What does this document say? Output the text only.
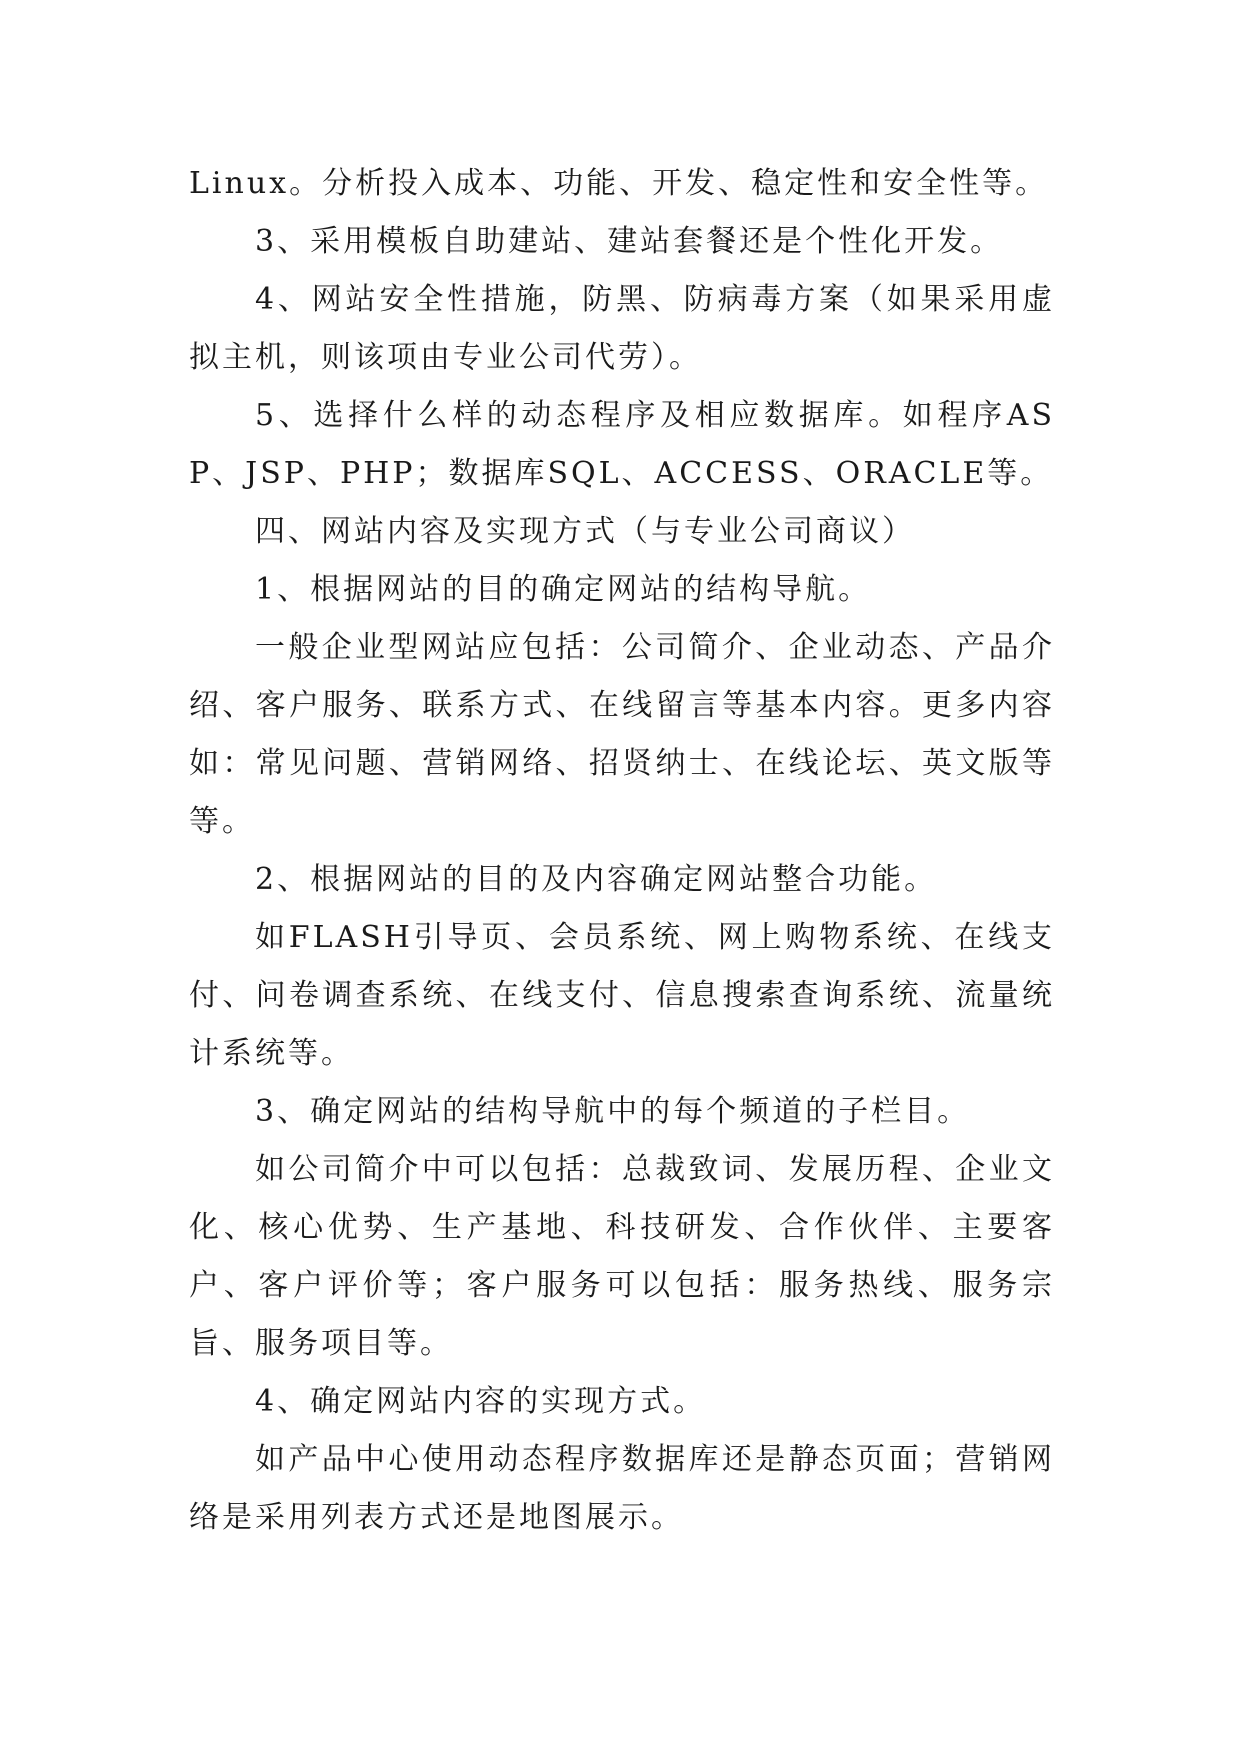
Linux。分析投入成本、功能、开发、稳定性和安全性等。

3、采用模板自助建站、建站套餐还是个性化开发。

4、网站安全性措施，防黑、防病毒方案（如果采用虚拟主机，则该项由专业公司代劳）。

5、选择什么样的动态程序及相应数据库。如程序ASP、JSP、PHP；数据库SQL、ACCESS、ORACLE等。

四、网站内容及实现方式（与专业公司商议）

1、根据网站的目的确定网站的结构导航。

一般企业型网站应包括：公司简介、企业动态、产品介绍、客户服务、联系方式、在线留言等基本内容。更多内容如：常见问题、营销网络、招贤纳士、在线论坛、英文版等等。

2、根据网站的目的及内容确定网站整合功能。

如FLASH引导页、会员系统、网上购物系统、在线支付、问卷调查系统、在线支付、信息搜索查询系统、流量统计系统等。

3、确定网站的结构导航中的每个频道的子栏目。

如公司简介中可以包括：总裁致词、发展历程、企业文化、核心优势、生产基地、科技研发、合作伙伴、主要客户、客户评价等；客户服务可以包括：服务热线、服务宗旨、服务项目等。

4、确定网站内容的实现方式。

如产品中心使用动态程序数据库还是静态页面；营销网络是采用列表方式还是地图展示。
